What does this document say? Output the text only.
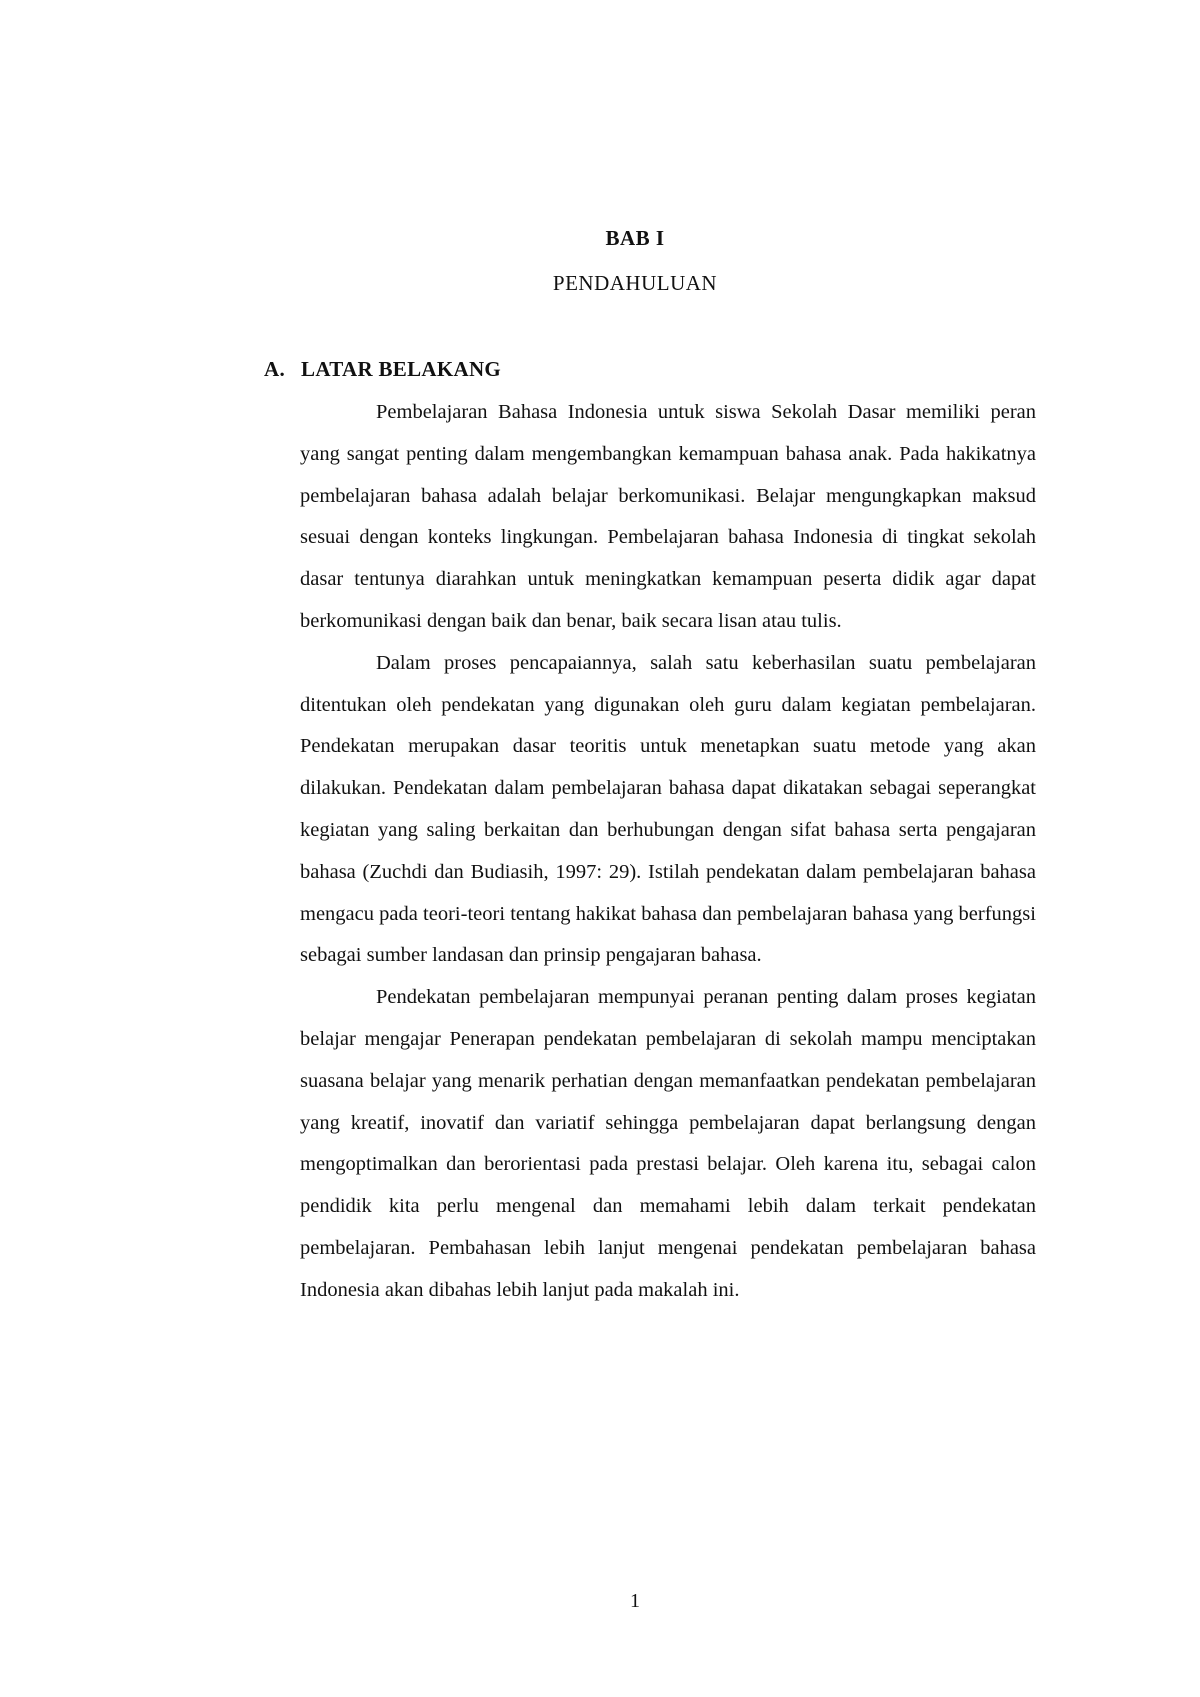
BAB I
PENDAHULUAN
A. LATAR BELAKANG

Pembelajaran Bahasa Indonesia untuk siswa Sekolah Dasar memiliki peran yang sangat penting dalam mengembangkan kemampuan bahasa anak. Pada hakikatnya pembelajaran bahasa adalah belajar berkomunikasi. Belajar mengungkapkan maksud sesuai dengan konteks lingkungan. Pembelajaran bahasa Indonesia di tingkat sekolah dasar tentunya diarahkan untuk meningkatkan kemampuan peserta didik agar dapat berkomunikasi dengan baik dan benar, baik secara lisan atau tulis.

Dalam proses pencapaiannya, salah satu keberhasilan suatu pembelajaran ditentukan oleh pendekatan yang digunakan oleh guru dalam kegiatan pembelajaran. Pendekatan merupakan dasar teoritis untuk menetapkan suatu metode yang akan dilakukan. Pendekatan dalam pembelajaran bahasa dapat dikatakan sebagai seperangkat kegiatan yang saling berkaitan dan berhubungan dengan sifat bahasa serta pengajaran bahasa (Zuchdi dan Budiasih, 1997: 29). Istilah pendekatan dalam pembelajaran bahasa mengacu pada teori-teori tentang hakikat bahasa dan pembelajaran bahasa yang berfungsi sebagai sumber landasan dan prinsip pengajaran bahasa.

Pendekatan pembelajaran mempunyai peranan penting dalam proses kegiatan belajar mengajar Penerapan pendekatan pembelajaran di sekolah mampu menciptakan suasana belajar yang menarik perhatian dengan memanfaatkan pendekatan pembelajaran yang kreatif, inovatif dan variatif sehingga pembelajaran dapat berlangsung dengan mengoptimalkan dan berorientasi pada prestasi belajar. Oleh karena itu, sebagai calon pendidik kita perlu mengenal dan memahami lebih dalam terkait pendekatan pembelajaran. Pembahasan lebih lanjut mengenai pendekatan pembelajaran bahasa Indonesia akan dibahas lebih lanjut pada makalah ini.

1
